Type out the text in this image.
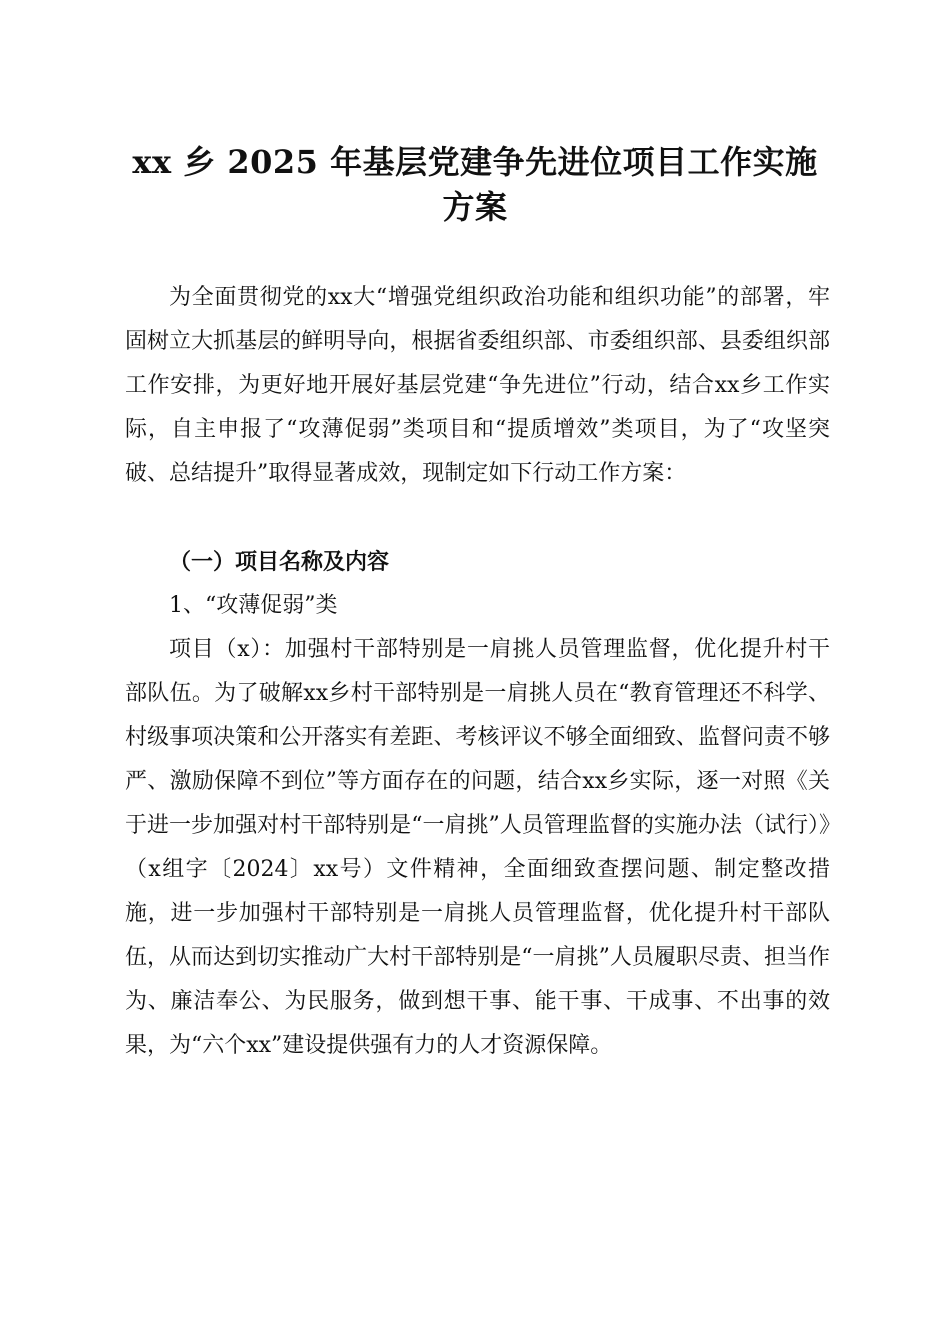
xx 乡 2025 年基层党建争先进位项目工作实施
方案

为全面贯彻党的xx大“增强党组织政治功能和组织功能”的部署，牢固树立大抓基层的鲜明导向，根据省委组织部、市委组织部、县委组织部工作安排，为更好地开展好基层党建“争先进位”行动，结合xx乡工作实际，自主申报了“攻薄促弱”类项目和“提质增效”类项目，为了“攻坚突破、总结提升”取得显著成效，现制定如下行动工作方案：

（一）项目名称及内容

1、“攻薄促弱”类

项目（x）：加强村干部特别是一肩挑人员管理监督，优化提升村干部队伍。为了破解xx乡村干部特别是一肩挑人员在“教育管理还不科学、村级事项决策和公开落实有差距、考核评议不够全面细致、监督问责不够严、激励保障不到位”等方面存在的问题，结合xx乡实际，逐一对照《关于进一步加强对村干部特别是“一肩挑”人员管理监督的实施办法（试行）》（x组字〔2024〕xx号）文件精神，全面细致查摆问题、制定整改措施，进一步加强村干部特别是一肩挑人员管理监督，优化提升村干部队伍，从而达到切实推动广大村干部特别是“一肩挑”人员履职尽责、担当作为、廉洁奉公、为民服务，做到想干事、能干事、干成事、不出事的效果，为“六个xx”建设提供强有力的人才资源保障。
